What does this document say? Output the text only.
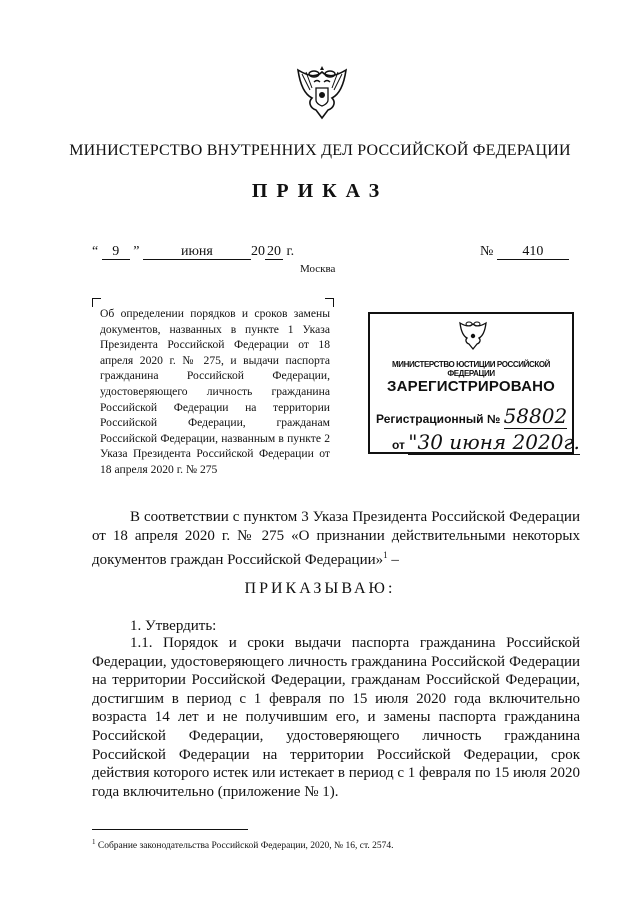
МИНИСТЕРСТВО ВНУТРЕННИХ ДЕЛ РОССИЙСКОЙ ФЕДЕРАЦИИ
ПРИКАЗ
“ 9 ”	июня	20 20 г.	№ 410
Москва
Об определении порядков и сроков замены документов, названных в пункте 1 Указа Президента Российской Федерации от 18 апреля 2020 г. № 275, и выдачи паспорта гражданина Российской Федерации, удостоверяющего личность гражданина Российской Федерации на территории Российской Федерации, гражданам Российской Федерации, названным в пункте 2 Указа Президента Российской Федерации от 18 апреля 2020 г. № 275
МИНИСТЕРСТВО ЮСТИЦИИ РОССИЙСКОЙ ФЕДЕРАЦИИ
ЗАРЕГИСТРИРОВАНО
Регистрационный № 58802
от "30 июня 2020г.
В соответствии с пунктом 3 Указа Президента Российской Федерации от 18 апреля 2020 г. № 275 «О признании действительными некоторых документов граждан Российской Федерации»$^1$ –
ПРИКАЗЫВАЮ:
1. Утвердить:
1.1. Порядок и сроки выдачи паспорта гражданина Российской Федерации, удостоверяющего личность гражданина Российской Федерации на территории Российской Федерации, гражданам Российской Федерации, достигшим в период с 1 февраля по 15 июля 2020 года включительно возраста 14 лет и не получившим его, и замены паспорта гражданина Российской Федерации, удостоверяющего личность гражданина Российской Федерации на территории Российской Федерации, срок действия которого истек или истекает в период с 1 февраля по 15 июля 2020 года включительно (приложение № 1).
$^1$ Собрание законодательства Российской Федерации, 2020, № 16, ст. 2574.
